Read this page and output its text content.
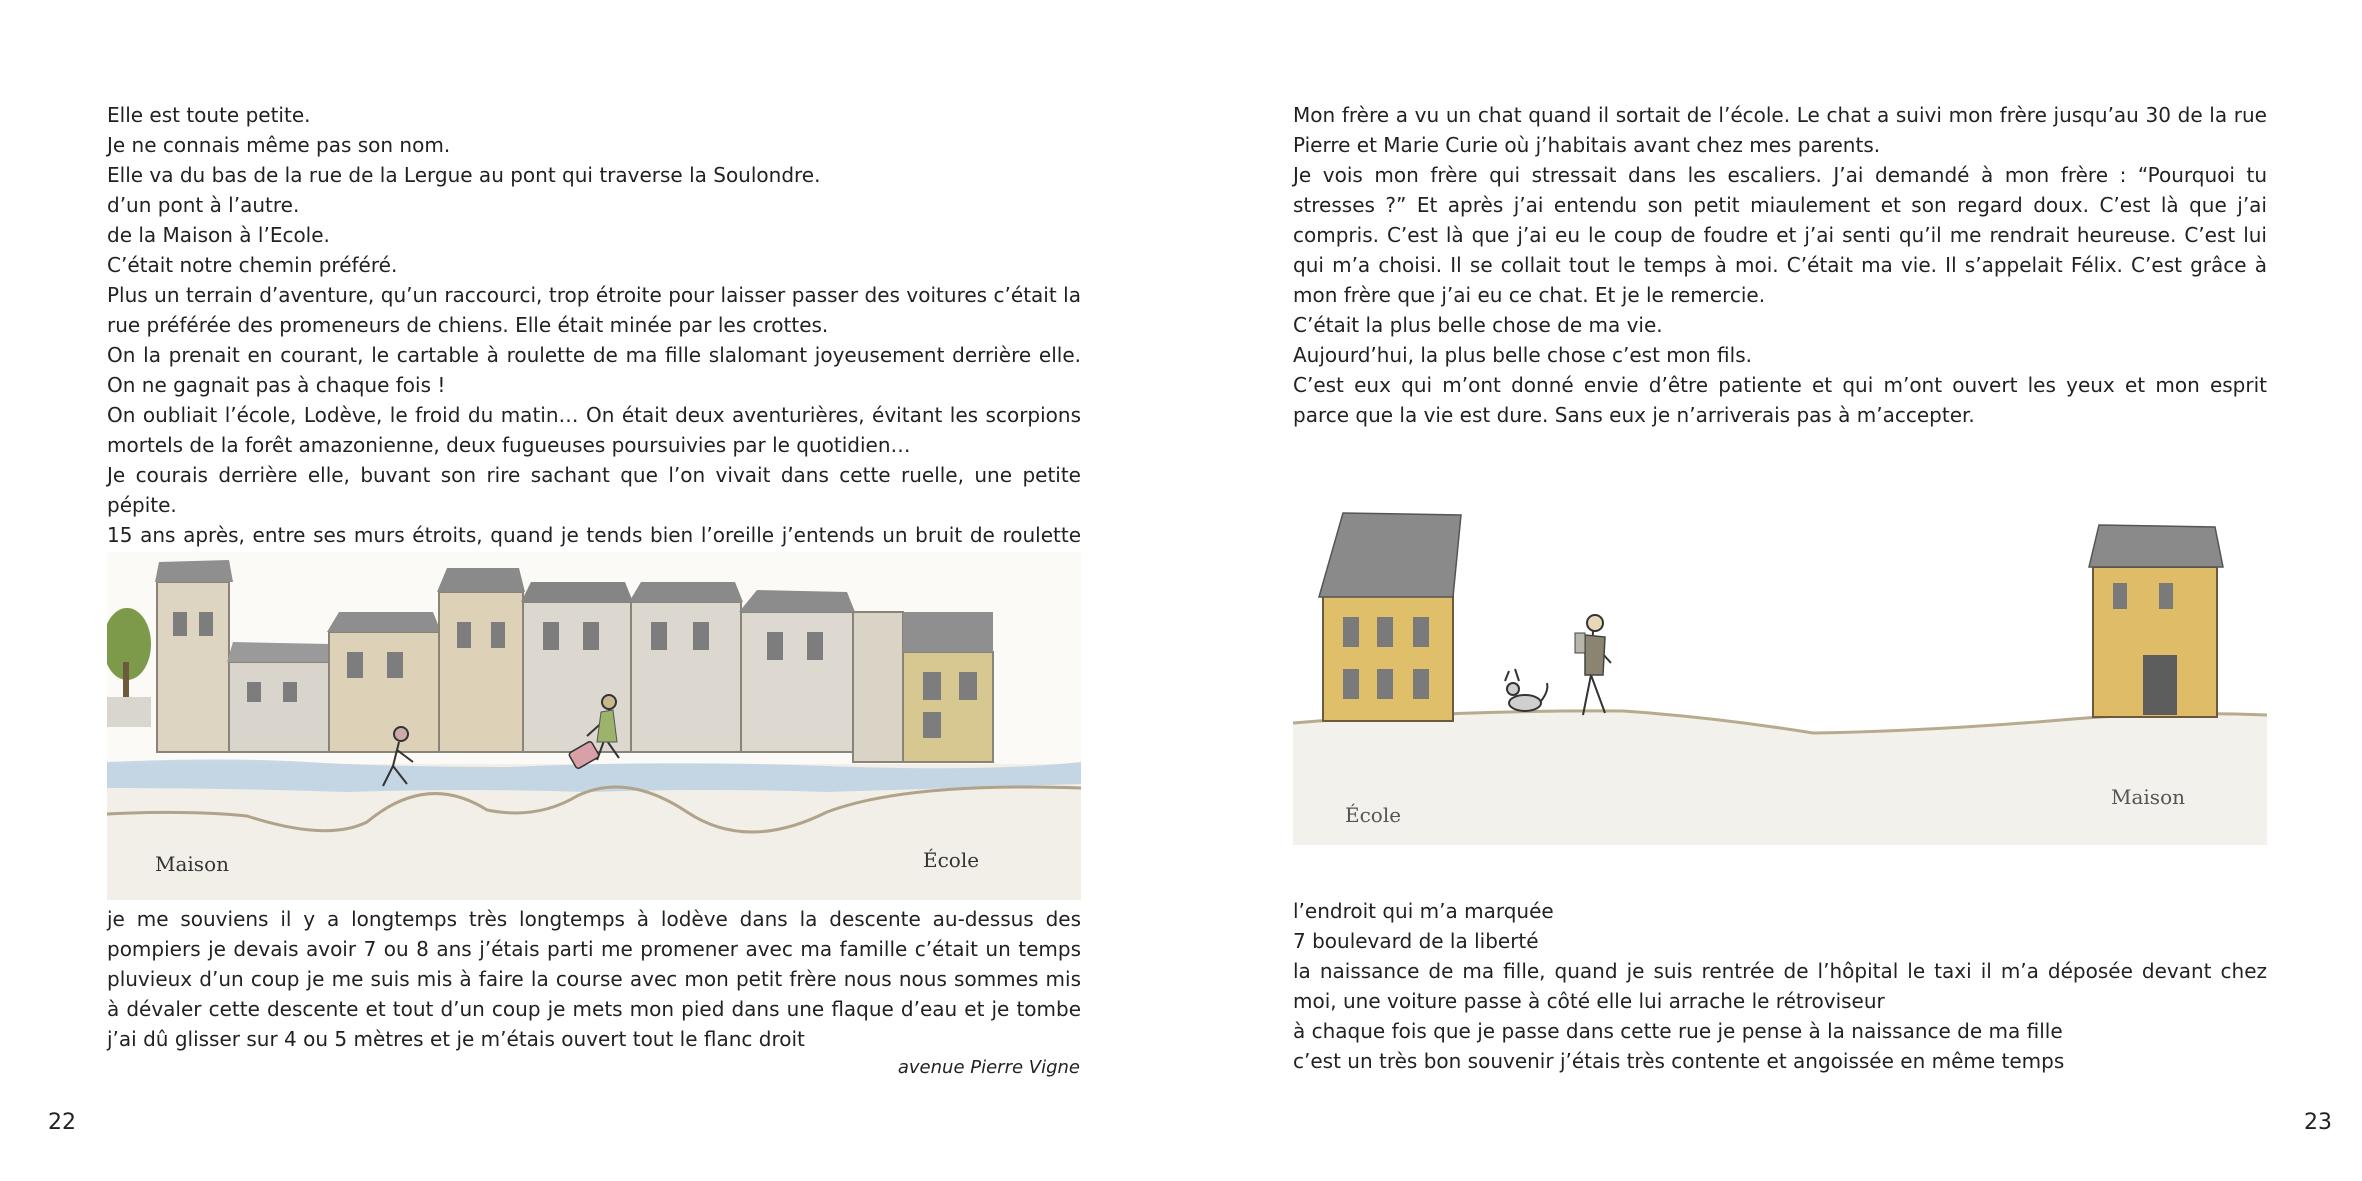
Elle est toute petite.

Je ne connais même pas son nom.

Elle va du bas de la rue de la Lergue au pont qui traverse la Soulondre.

d’un pont à l’autre.

de la Maison à l’Ecole.

C’était notre chemin préféré.

Plus un terrain d’aventure, qu’un raccourci, trop étroite pour laisser passer des voitures c’était la rue préférée des promeneurs de chiens. Elle était minée par les crottes.

On la prenait en courant, le cartable à roulette de ma fille slalomant joyeusement derrière elle. On ne gagnait pas à chaque fois !

On oubliait l’école, Lodève, le froid du matin… On était deux aventurières, évitant les scorpions mortels de la forêt amazonienne, deux fugueuses poursuivies par le quotidien…

Je courais derrière elle, buvant son rire sachant que l’on vivait dans cette ruelle, une petite pépite.

15 ans après, entre ses murs étroits, quand je tends bien l’oreille j’entends un bruit de roulette

Maison	École

je me souviens il y a longtemps très longtemps à lodève dans la descente au-dessus des pompiers je devais avoir 7 ou 8 ans j’étais parti me promener avec ma famille c’était un temps pluvieux d’un coup je me suis mis à faire la course avec mon petit frère nous nous sommes mis à dévaler cette descente et tout d’un coup je mets mon pied dans une flaque d’eau et je tombe j’ai dû glisser sur 4 ou 5 mètres et je m’étais ouvert tout le flanc droit

avenue Pierre Vigne
22

Mon frère a vu un chat quand il sortait de l’école. Le chat a suivi mon frère jusqu’au 30 de la rue Pierre et Marie Curie où j’habitais avant chez mes parents.

Je vois mon frère qui stressait dans les escaliers. J’ai demandé à mon frère : “Pourquoi tu stresses ?” Et après j’ai entendu son petit miaulement et son regard doux. C’est là que j’ai compris. C’est là que j’ai eu le coup de foudre et j’ai senti qu’il me rendrait heureuse. C’est lui qui m’a choisi. Il se collait tout le temps à moi. C’était ma vie. Il s’appelait Félix. C’est grâce à mon frère que j’ai eu ce chat. Et je le remercie.

C’était la plus belle chose de ma vie.

Aujourd’hui, la plus belle chose c’est mon fils.

C’est eux qui m’ont donné envie d’être patiente et qui m’ont ouvert les yeux et mon esprit parce que la vie est dure. Sans eux je n’arriverais pas à m’accepter.

École
Maison

l’endroit qui m’a marquée

7 boulevard de la liberté

la naissance de ma fille, quand je suis rentrée de l’hôpital le taxi il m’a déposée devant chez moi, une voiture passe à côté elle lui arrache le rétroviseur

à chaque fois que je passe dans cette rue je pense à la naissance de ma fille

c’est un très bon souvenir j’étais très contente et angoissée en même temps

23
